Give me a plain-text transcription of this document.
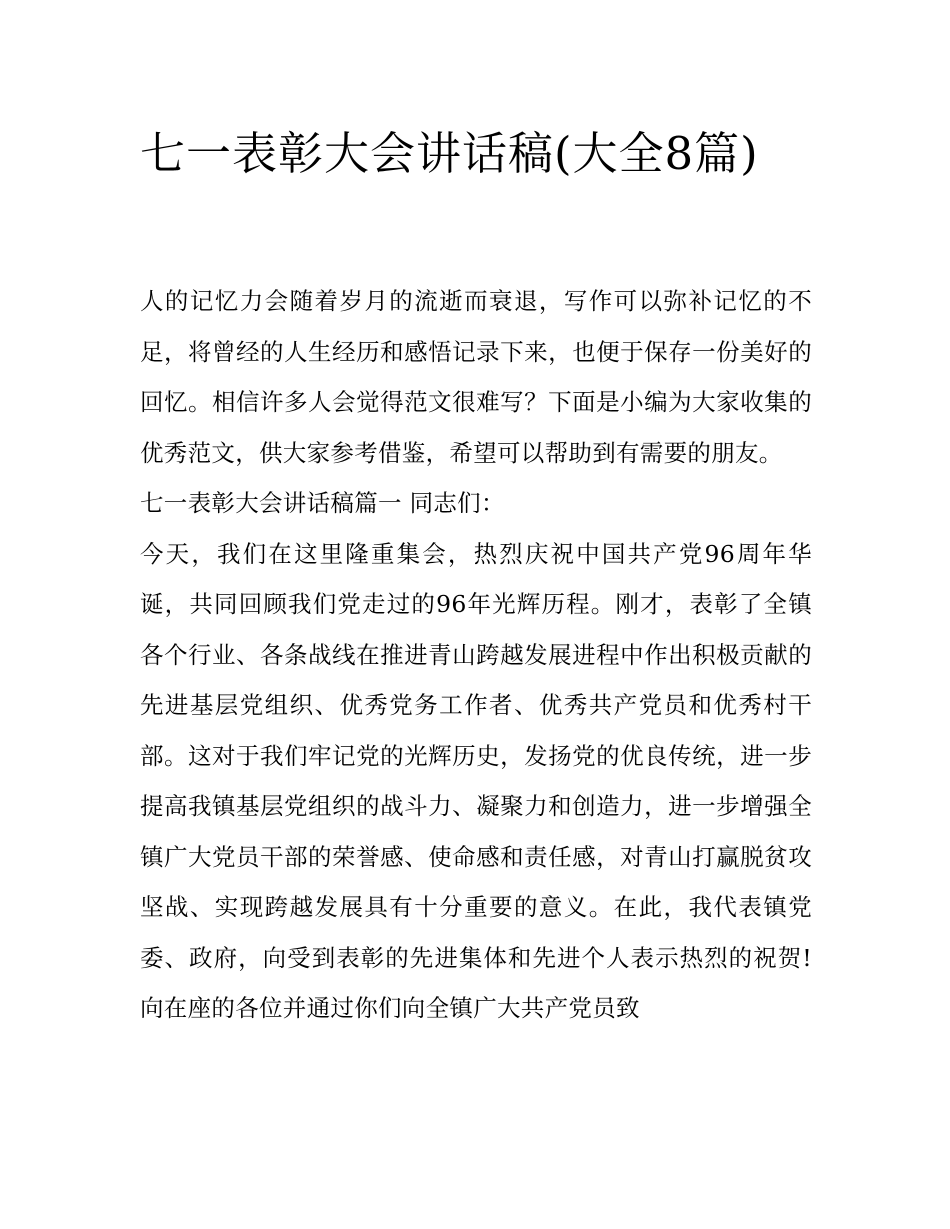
七一表彰大会讲话稿(大全8篇)

人的记忆力会随着岁月的流逝而衰退，写作可以弥补记忆的不足，将曾经的人生经历和感悟记录下来，也便于保存一份美好的回忆。相信许多人会觉得范文很难写？下面是小编为大家收集的优秀范文，供大家参考借鉴，希望可以帮助到有需要的朋友。

七一表彰大会讲话稿篇一 同志们：

今天，我们在这里隆重集会，热烈庆祝中国共产党96周年华诞，共同回顾我们党走过的96年光辉历程。刚才，表彰了全镇各个行业、各条战线在推进青山跨越发展进程中作出积极贡献的先进基层党组织、优秀党务工作者、优秀共产党员和优秀村干部。这对于我们牢记党的光辉历史，发扬党的优良传统，进一步提高我镇基层党组织的战斗力、凝聚力和创造力，进一步增强全镇广大党员干部的荣誉感、使命感和责任感，对青山打赢脱贫攻坚战、实现跨越发展具有十分重要的意义。在此，我代表镇党委、政府，向受到表彰的先进集体和先进个人表示热烈的祝贺!向在座的各位并通过你们向全镇广大共产党员致
